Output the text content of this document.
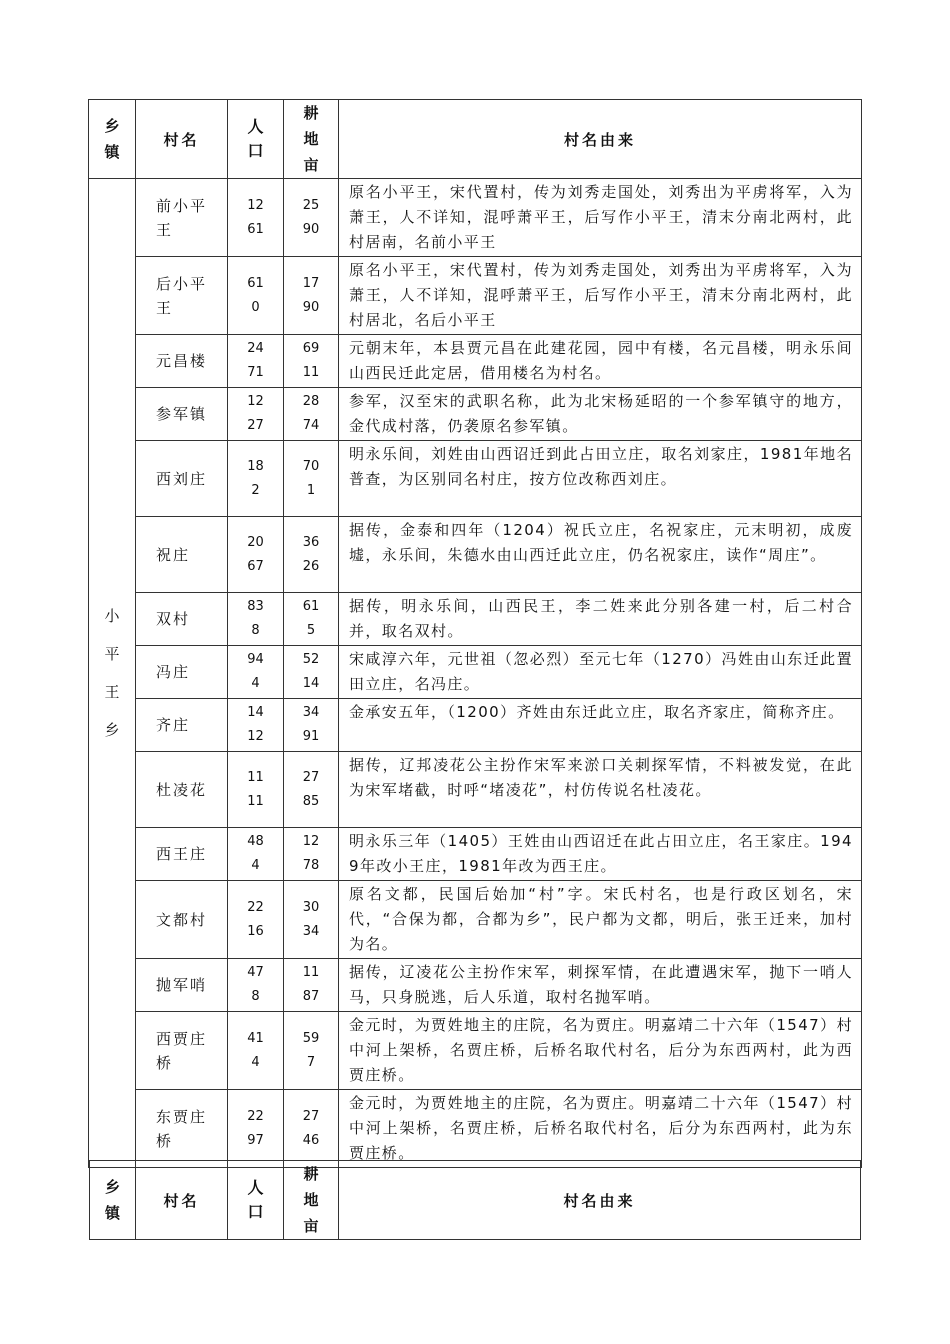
乡镇	村名	人口	耕地亩	村名由来
小平王乡	前小平王	1261	2590	原名小平王，宋代置村，传为刘秀走国处，刘秀出为平虏将军，入为萧王，人不详知，混呼萧平王，后写作小平王，清末分南北两村，此村居南，名前小平王
	后小平王	610	1790	原名小平王，宋代置村，传为刘秀走国处，刘秀出为平虏将军，入为萧王，人不详知，混呼萧平王，后写作小平王，清末分南北两村，此村居北，名后小平王
	元昌楼	2471	6911	元朝末年，本县贾元昌在此建花园，园中有楼，名元昌楼，明永乐间山西民迁此定居，借用楼名为村名。
	参军镇	1227	2874	参军，汉至宋的武职名称，此为北宋杨延昭的一个参军镇守的地方，金代成村落，仍袭原名参军镇。
	西刘庄	182	701	明永乐间，刘姓由山西诏迁到此占田立庄，取名刘家庄，1981年地名普查，为区别同名村庄，按方位改称西刘庄。
	祝庄	2067	3626	据传，金泰和四年（1204）祝氏立庄，名祝家庄，元末明初，成废墟，永乐间，朱德水由山西迁此立庄，仍名祝家庄，读作“周庄”。
	双村	838	615	据传，明永乐间，山西民王，李二姓来此分别各建一村，后二村合并，取名双村。
	冯庄	944	5214	宋咸淳六年，元世祖（忽必烈）至元七年（1270）冯姓由山东迁此置田立庄，名冯庄。
	齐庄	1412	3491	金承安五年，（1200）齐姓由东迁此立庄，取名齐家庄，简称齐庄。
	杜凌花	1111	2785	据传，辽邦凌花公主扮作宋军来淤口关刺探军情，不料被发觉，在此为宋军堵截，时呼“堵凌花”，村仿传说名杜凌花。
	西王庄	484	1278	明永乐三年（1405）王姓由山西诏迁在此占田立庄，名王家庄。1949年改小王庄，1981年改为西王庄。
	文都村	2216	3034	原名文都，民国后始加“村”字。宋氏村名，也是行政区划名，宋代，“合保为都，合都为乡”，民户都为文都，明后，张王迁来，加村为名。
	抛军哨	478	1187	据传，辽凌花公主扮作宋军，刺探军情，在此遭遇宋军，抛下一哨人马，只身脱逃，后人乐道，取村名抛军哨。
	西贾庄桥	414	597	金元时，为贾姓地主的庄院，名为贾庄。明嘉靖二十六年（1547）村中河上架桥，名贾庄桥，后桥名取代村名，后分为东西两村，此为西贾庄桥。
	东贾庄桥	2297	2746	金元时，为贾姓地主的庄院，名为贾庄。明嘉靖二十六年（1547）村中河上架桥，名贾庄桥，后桥名取代村名，后分为东西两村，此为东贾庄桥。
乡镇	村名	人口	耕地亩	村名由来
